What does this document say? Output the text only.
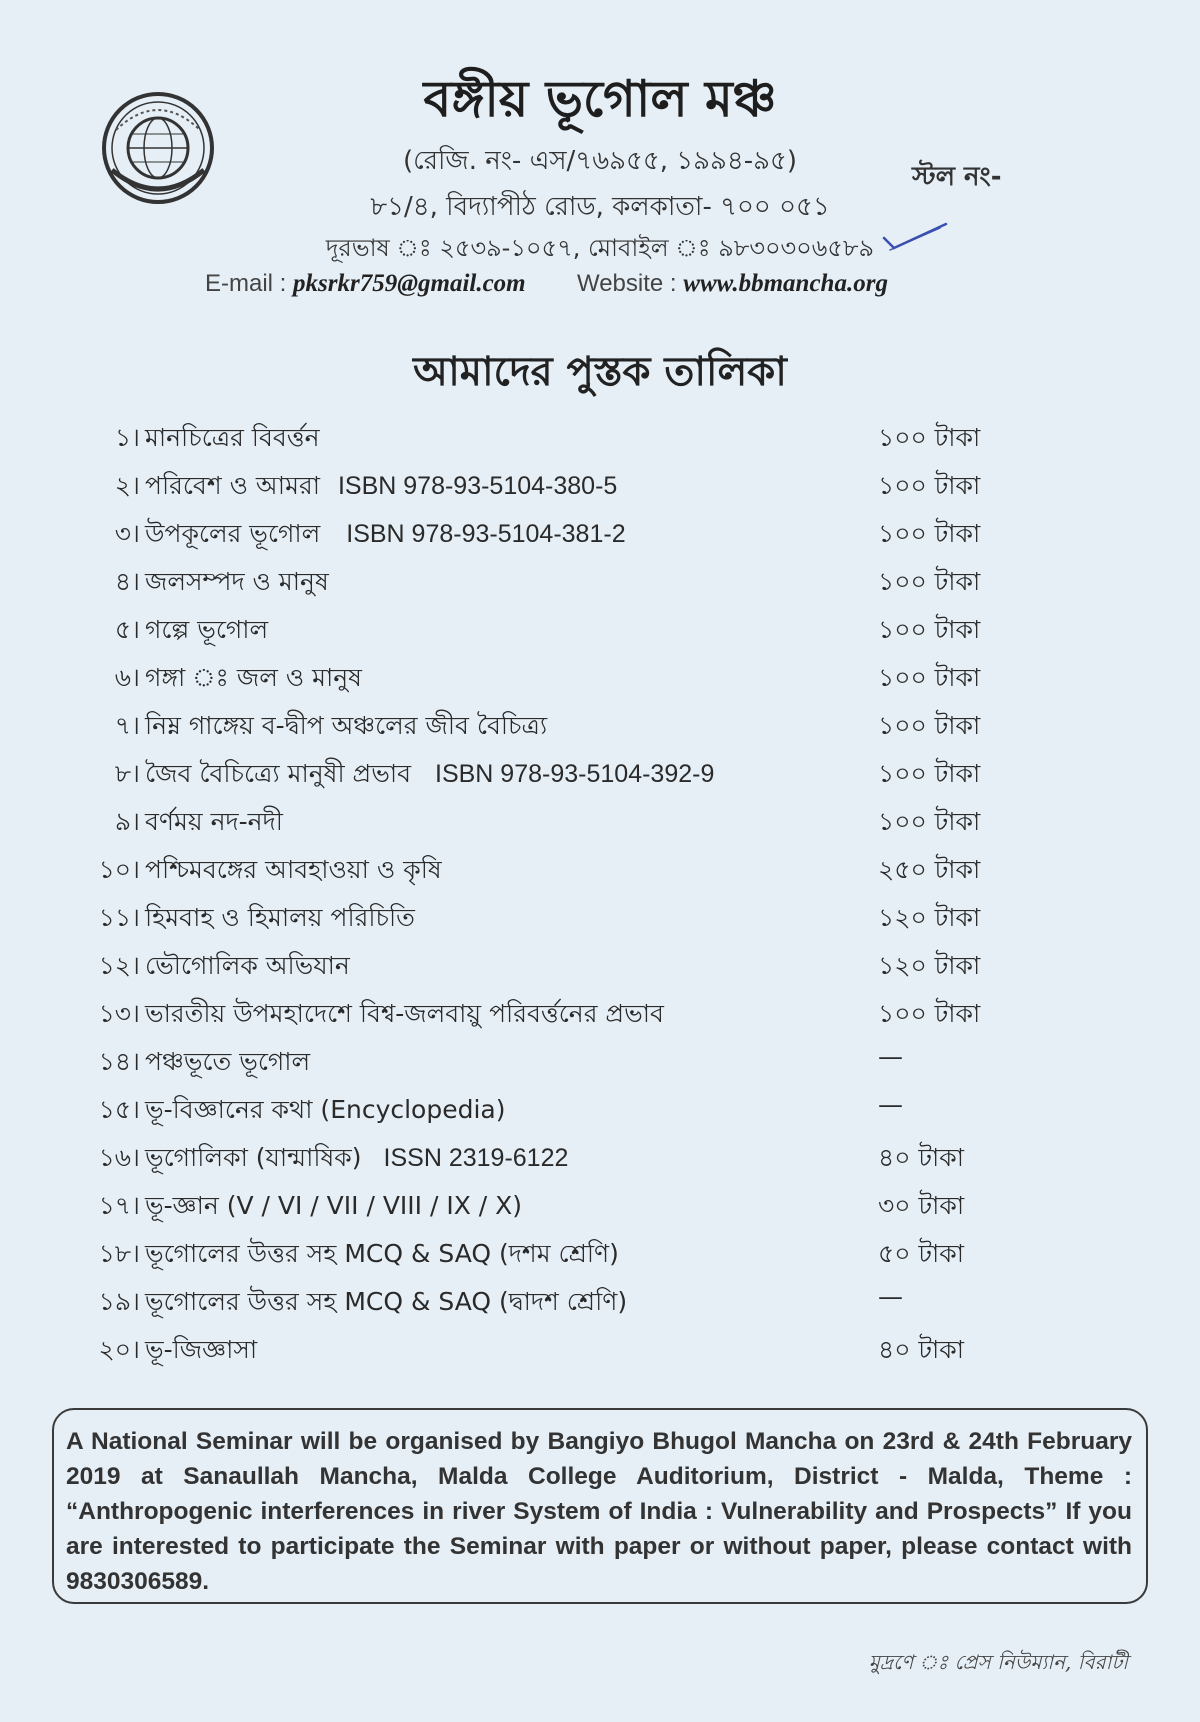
বঙ্গীয় ভূগোল মঞ্চ
(রেজি. নং- এস/৭৬৯৫৫, ১৯৯৪-৯৫)
স্টল নং-
৮১/৪, বিদ্যাপীঠ রোড, কলকাতা- ৭০০ ০৫১
দূরভাষ ঃ ২৫৩৯-১০৫৭, মোবাইল ঃ ৯৮৩০৩০৬৫৮৯
E-mail : pksrkr759@gmail.com Website : www.bbmancha.org
আমাদের পুস্তক তালিকা
১। মানচিত্রের বিবর্ত্তন	১০০ টাকা
২। পরিবেশ ও আমরা ISBN 978-93-5104-380-5	১০০ টাকা
৩। উপকূলের ভূগোল ISBN 978-93-5104-381-2	১০০ টাকা
৪। জলসম্পদ ও মানুষ	১০০ টাকা
৫। গল্পে ভূগোল	১০০ টাকা
৬। গঙ্গা ঃ জল ও মানুষ	১০০ টাকা
৭। নিম্ন গাঙ্গেয় ব-দ্বীপ অঞ্চলের জীব বৈচিত্র্য	১০০ টাকা
৮। জৈব বৈচিত্র্যে মানুষী প্রভাব ISBN 978-93-5104-392-9	১০০ টাকা
৯। বর্ণময় নদ-নদী	১০০ টাকা
১০। পশ্চিমবঙ্গের আবহাওয়া ও কৃষি	২৫০ টাকা
১১। হিমবাহ ও হিমালয় পরিচিতি	১২০ টাকা
১২। ভৌগোলিক অভিযান	১২০ টাকা
১৩। ভারতীয় উপমহাদেশে বিশ্ব-জলবায়ু পরিবর্ত্তনের প্রভাব	১০০ টাকা
১৪। পঞ্চভূতে ভূগোল	—
১৫। ভূ-বিজ্ঞানের কথা (Encyclopedia)	—
১৬। ভূগোলিকা (যান্মাষিক) ISSN 2319-6122	৪০ টাকা
১৭। ভূ-জ্ঞান (V / VI / VII / VIII / IX / X)	৩০ টাকা
১৮। ভূগোলের উত্তর সহ MCQ & SAQ (দশম শ্রেণি)	৫০ টাকা
১৯। ভূগোলের উত্তর সহ MCQ & SAQ (দ্বাদশ শ্রেণি)	—
২০। ভূ-জিজ্ঞাসা	৪০ টাকা
A National Seminar will be organised by Bangiyo Bhugol Mancha on 23rd & 24th February 2019 at Sanaullah Mancha, Malda College Auditorium, District - Malda, Theme : “Anthropogenic interferences in river System of India : Vulnerability and Prospects” If you are interested to participate the Seminar with paper or without paper, please contact with 9830306589.
মুদ্রণে ঃ প্রেস নিউম্যান, বিরাটী
